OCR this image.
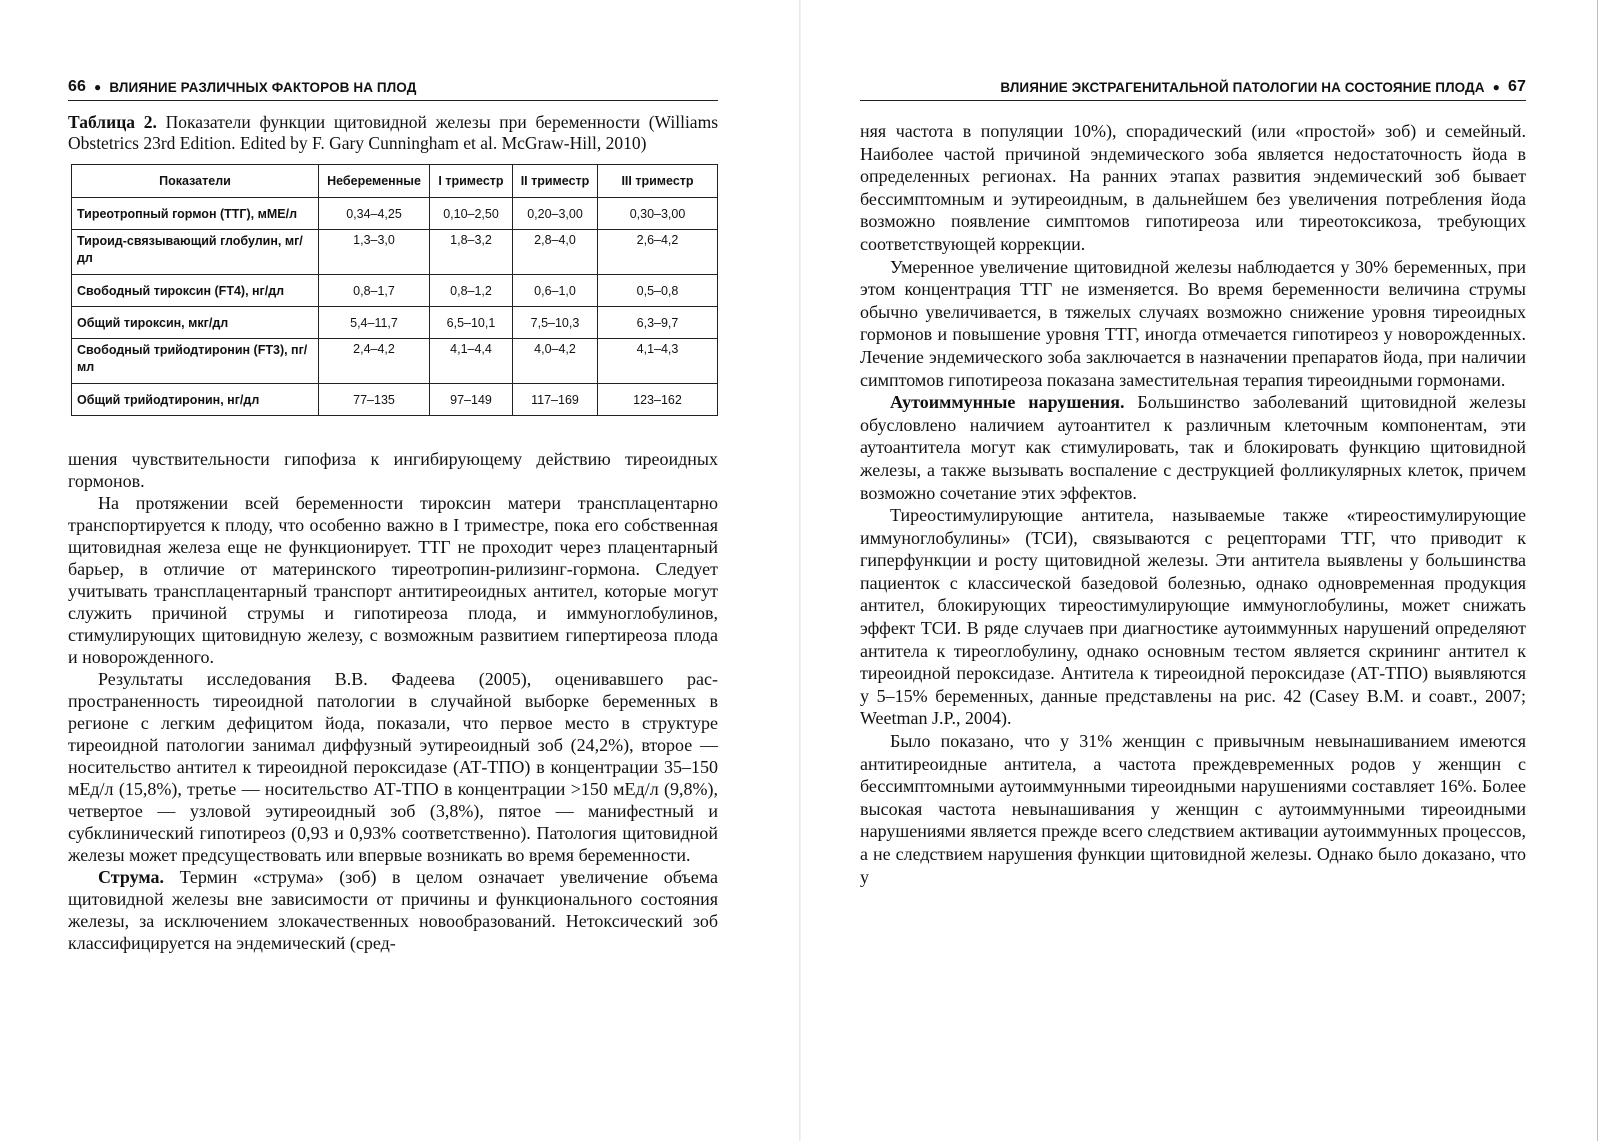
66 ● ВЛИЯНИЕ РАЗЛИЧНЫХ ФАКТОРОВ НА ПЛОД
Таблица 2. Показатели функции щитовидной железы при беременности (Williams Obstetrics 23rd Edition. Edited by F. Gary Cunningham et al. McGraw-Hill, 2010)
Показатели	Небеременные	I триместр	II триместр	III триместр
Тиреотропный гормон (ТТГ), мМЕ/л	0,34–4,25	0,10–2,50	0,20–3,00	0,30–3,00
Тироид-связывающий глобулин, мг/дл	1,3–3,0	1,8–3,2	2,8–4,0	2,6–4,2
Свободный тироксин (FT4), нг/дл	0,8–1,7	0,8–1,2	0,6–1,0	0,5–0,8
Общий тироксин, мкг/дл	5,4–11,7	6,5–10,1	7,5–10,3	6,3–9,7
Свободный трийодтиронин (FT3), пг/мл	2,4–4,2	4,1–4,4	4,0–4,2	4,1–4,3
Общий трийодтиронин, нг/дл	77–135	97–149	117–169	123–162

шения чувствительности гипофиза к ингибирующему действию тиреоидных гормонов.

На протяжении всей беременности тироксин матери трансплацентарно транспортируется к плоду, что особенно важно в I триместре, пока его собственная щитовидная железа еще не функционирует. ТТГ не проходит через плацентарный барьер, в отличие от материнского тиреотропин-рилизинг-гормона. Следует учитывать трансплацентарный транспорт антитиреоидных антител, которые могут служить причиной струмы и гипотиреоза плода, и иммуноглобулинов, стимулирующих щитовидную железу, с возможным развитием гипертиреоза плода и новорожденного.

Результаты исследования В.В. Фадеева (2005), оценивавшего распространенность тиреоидной патологии в случайной выборке беременных в регионе с легким дефицитом йода, показали, что первое место в структуре тиреоидной патологии занимал диффузный эутиреоидный зоб (24,2%), второе — носительство антител к тиреоидной пероксидазе (АТ-ТПО) в концентрации 35–150 мЕд/л (15,8%), третье — носительство АТ-ТПО в концентрации >150 мЕд/л (9,8%), четвертое — узловой эутиреоидный зоб (3,8%), пятое — манифестный и субклинический гипотиреоз (0,93 и 0,93% соответственно). Патология щитовидной железы может предсуществовать или впервые возникать во время беременности.

Струма. Термин «струма» (зоб) в целом означает увеличение объема щитовидной железы вне зависимости от причины и функционального состояния железы, за исключением злокачественных новообразований. Нетоксический зоб классифицируется на эндемический (сред-

ВЛИЯНИЕ ЭКСТРАГЕНИТАЛЬНОЙ ПАТОЛОГИИ НА СОСТОЯНИЕ ПЛОДА ● 67

няя частота в популяции 10%), спорадический (или «простой» зоб) и семейный. Наиболее частой причиной эндемического зоба является недостаточность йода в определенных регионах. На ранних этапах развития эндемический зоб бывает бессимптомным и эутиреоидным, в дальнейшем без увеличения потребления йода возможно появление симптомов гипотиреоза или тиреотоксикоза, требующих соответствующей коррекции.

Умеренное увеличение щитовидной железы наблюдается у 30% беременных, при этом концентрация ТТГ не изменяется. Во время беременности величина струмы обычно увеличивается, в тяжелых случаях возможно снижение уровня тиреоидных гормонов и повышение уровня ТТГ, иногда отмечается гипотиреоз у новорожденных. Лечение эндемического зоба заключается в назначении препаратов йода, при наличии симптомов гипотиреоза показана заместительная терапия тиреоидными гормонами.

Аутоиммунные нарушения. Большинство заболеваний щитовидной железы обусловлено наличием аутоантител к различным клеточным компонентам, эти аутоантитела могут как стимулировать, так и блокировать функцию щитовидной железы, а также вызывать воспаление с деструкцией фолликулярных клеток, причем возможно сочетание этих эффектов.

Тиреостимулирующие антитела, называемые также «тиреостимулирующие иммуноглобулины» (ТСИ), связываются с рецепторами ТТГ, что приводит к гиперфункции и росту щитовидной железы. Эти антитела выявлены у большинства пациенток с классической базедовой болезнью, однако одновременная продукция антител, блокирующих тиреостимулирующие иммуноглобулины, может снижать эффект ТСИ. В ряде случаев при диагностике аутоиммунных нарушений определяют антитела к тиреоглобулину, однако основным тестом является скрининг антител к тиреоидной пероксидазе. Антитела к тиреоидной пероксидазе (АТ-ТПО) выявляются у 5–15% беременных, данные представлены на рис. 42 (Casey B.M. и соавт., 2007; Weetman J.P., 2004).

Было показано, что у 31% женщин с привычным невынашиванием имеются антитиреоидные антитела, а частота преждевременных родов у женщин с бессимптомными аутоиммунными тиреоидными нарушениями составляет 16%. Более высокая частота невынашивания у женщин с аутоиммунными тиреоидными нарушениями является прежде всего следствием активации аутоиммунных процессов, а не следствием нарушения функции щитовидной железы. Однако было доказано, что у
